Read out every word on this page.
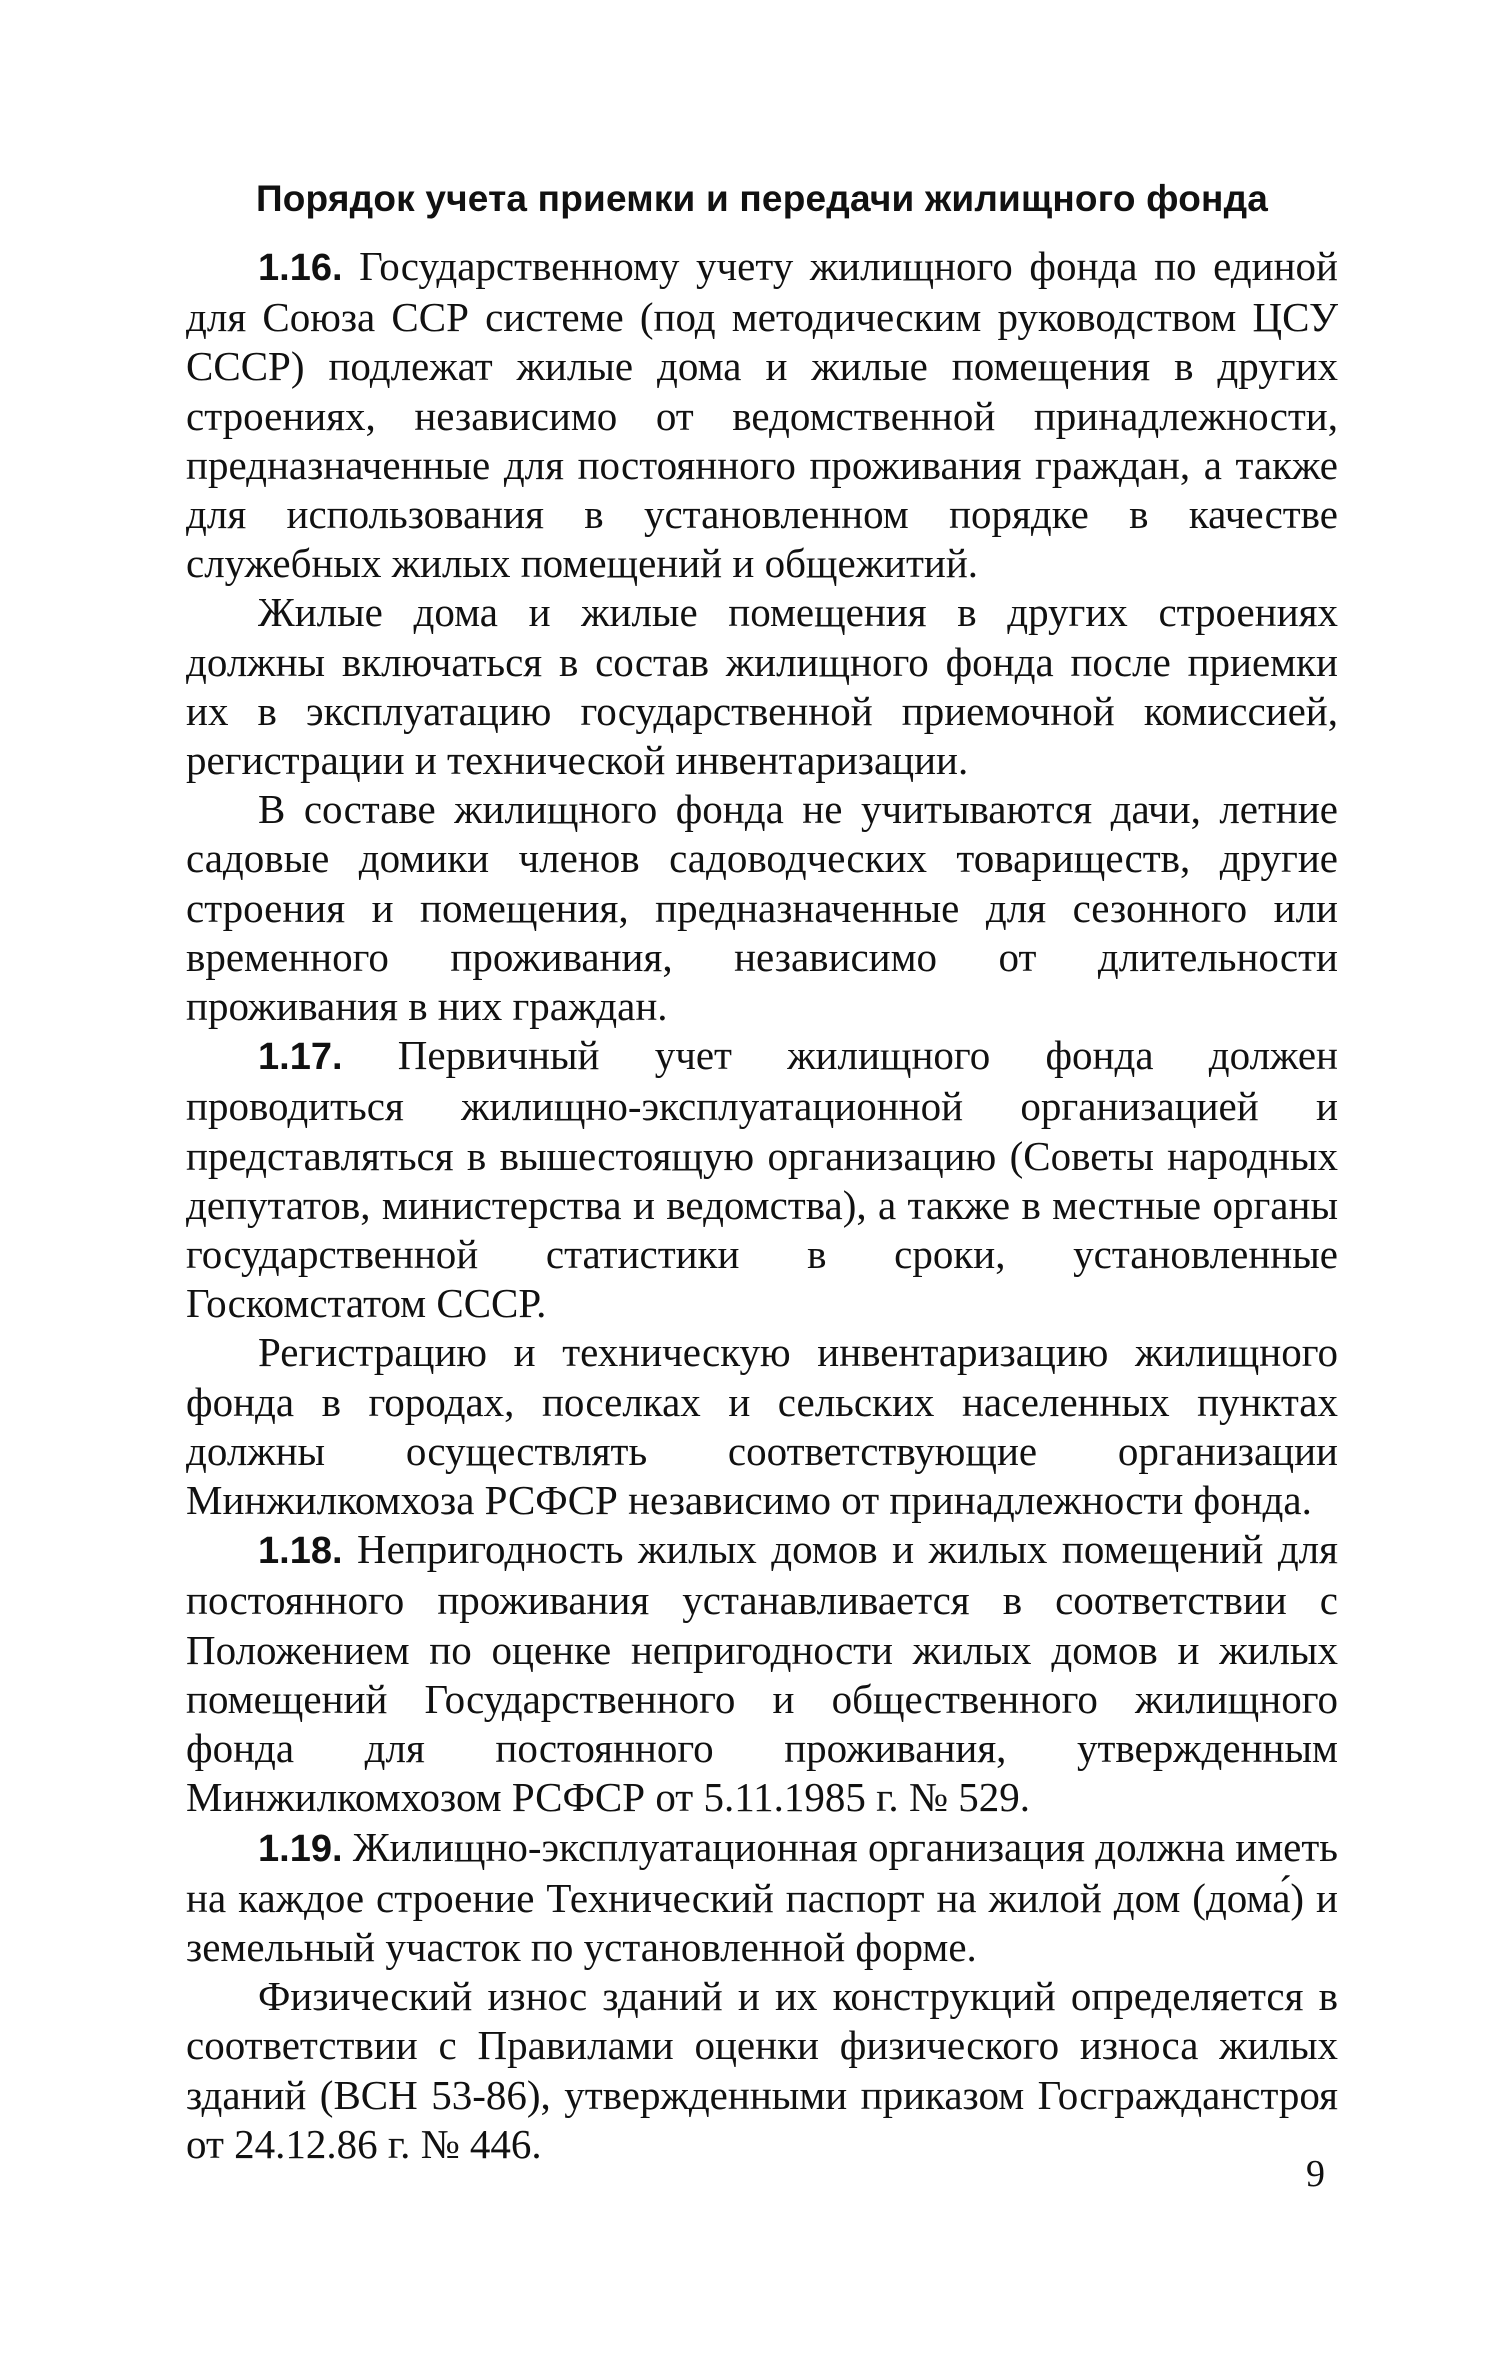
Порядок учета приемки и передачи жилищного фонда

1.16. Государственному учету жилищного фонда по единой для Союза ССР системе (под методическим руководством ЦСУ СССР) подлежат жилые дома и жилые помещения в других строениях, независимо от ведомственной принадлежности, предназначенные для постоянного проживания граждан, а также для использования в установленном порядке в качестве служебных жилых помещений и общежитий.

Жилые дома и жилые помещения в других строениях должны включаться в состав жилищного фонда после приемки их в эксплуатацию государственной приемочной комиссией, регистрации и технической инвентаризации.

В составе жилищного фонда не учитываются дачи, летние садовые домики членов садоводческих товариществ, другие строения и помещения, предназначенные для сезонного или временного проживания, независимо от длительности проживания в них граждан.

1.17. Первичный учет жилищного фонда должен проводиться жилищно-эксплуатационной организацией и представляться в вышестоящую организацию (Советы народных депутатов, министерства и ведомства), а также в местные органы государственной статистики в сроки, установленные Госкомстатом СССР.

Регистрацию и техническую инвентаризацию жилищного фонда в городах, поселках и сельских населенных пунктах должны осуществлять соответствующие организации Минжилкомхоза РСФСР независимо от принадлежности фонда.

1.18. Непригодность жилых домов и жилых помещений для постоянного проживания устанавливается в соответствии с Положением по оценке непригодности жилых домов и жилых помещений Государственного и общественного жилищного фонда для постоянного проживания, утвержденным Минжилкомхозом РСФСР от 5.11.1985 г. № 529.

1.19. Жилищно-эксплуатационная организация должна иметь на каждое строение Технический паспорт на жилой дом (дома́) и земельный участок по установленной форме.

Физический износ зданий и их конструкций определяется в соответствии с Правилами оценки физического износа жилых зданий (ВСН 53-86), утвержденными приказом Госгражданстроя от 24.12.86 г. № 446.

9
